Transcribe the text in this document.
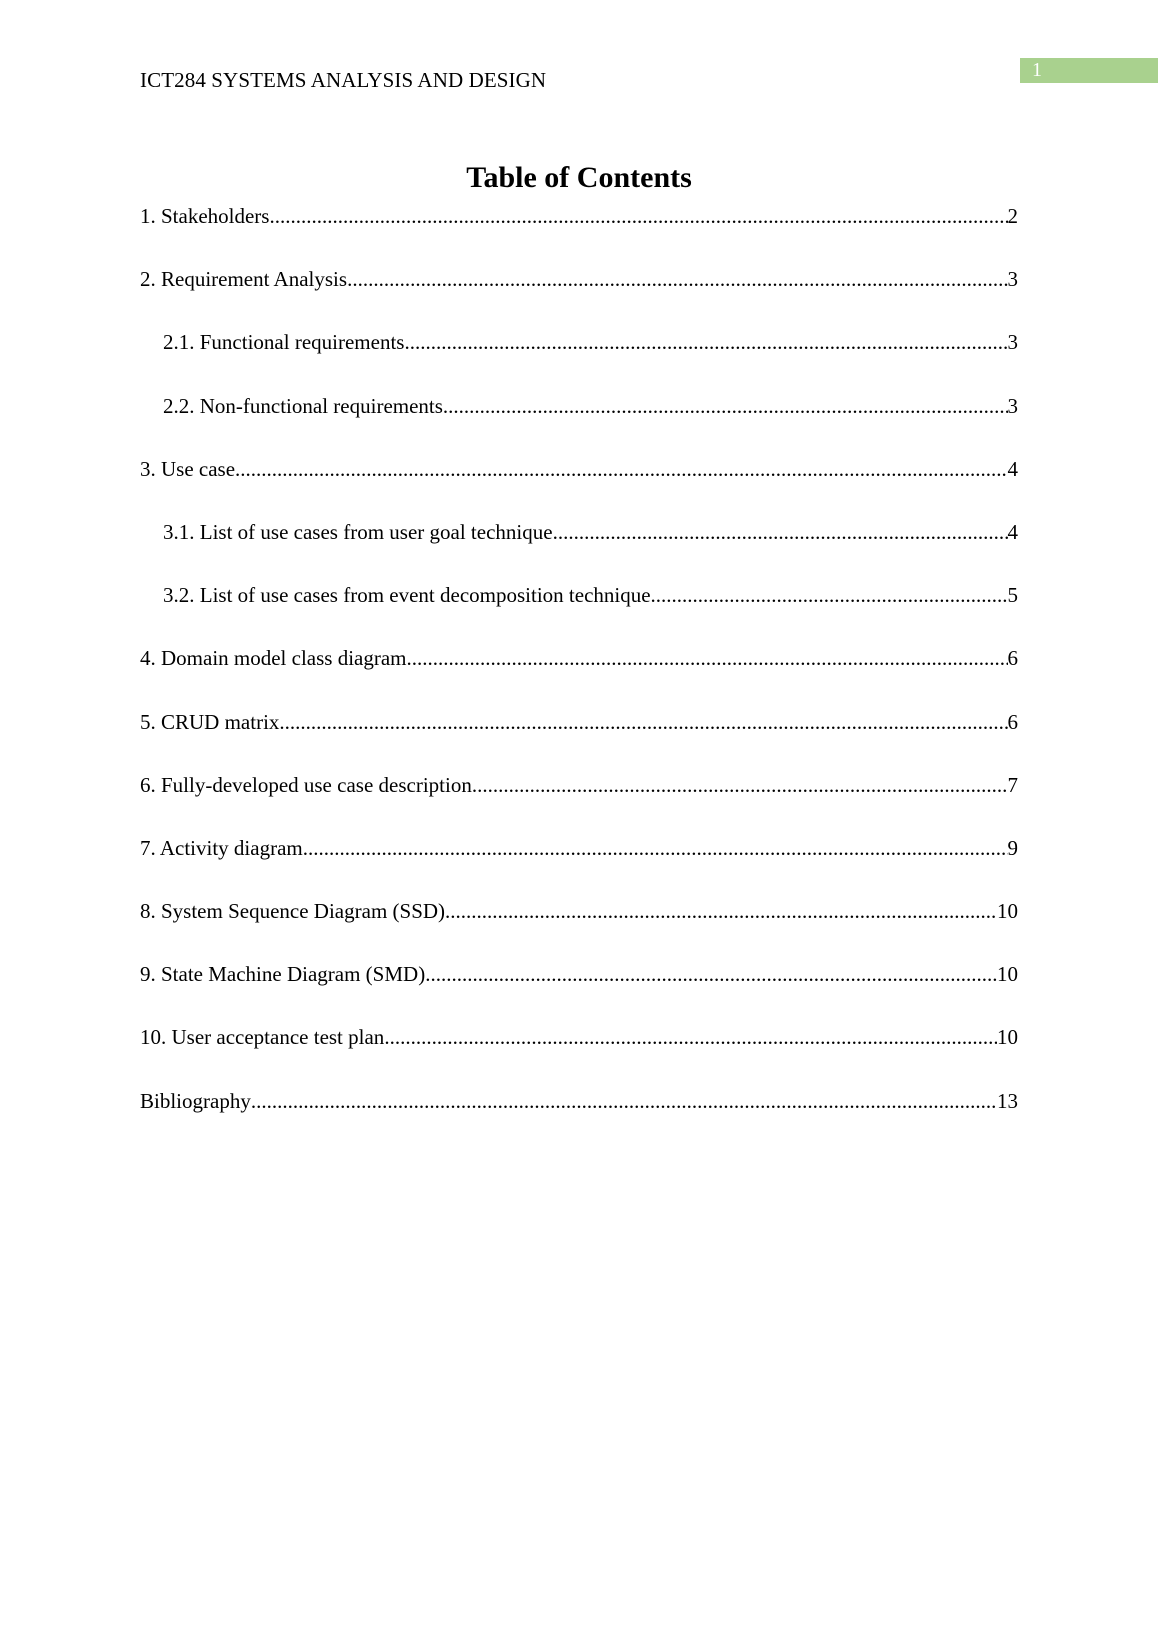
ICT284 SYSTEMS ANALYSIS AND DESIGN	1
Table of Contents
1. Stakeholders .....	2
2. Requirement Analysis .....	3
2.1. Functional requirements .....	3
2.2. Non-functional requirements .....	3
3. Use case .....	4
3.1. List of use cases from user goal technique .....	4
3.2. List of use cases from event decomposition technique .....	5
4. Domain model class diagram .....	6
5. CRUD matrix .....	6
6. Fully-developed use case description .....	7
7. Activity diagram .....	9
8. System Sequence Diagram (SSD) .....	10
9. State Machine Diagram (SMD) .....	10
10. User acceptance test plan .....	10
Bibliography .....	13
